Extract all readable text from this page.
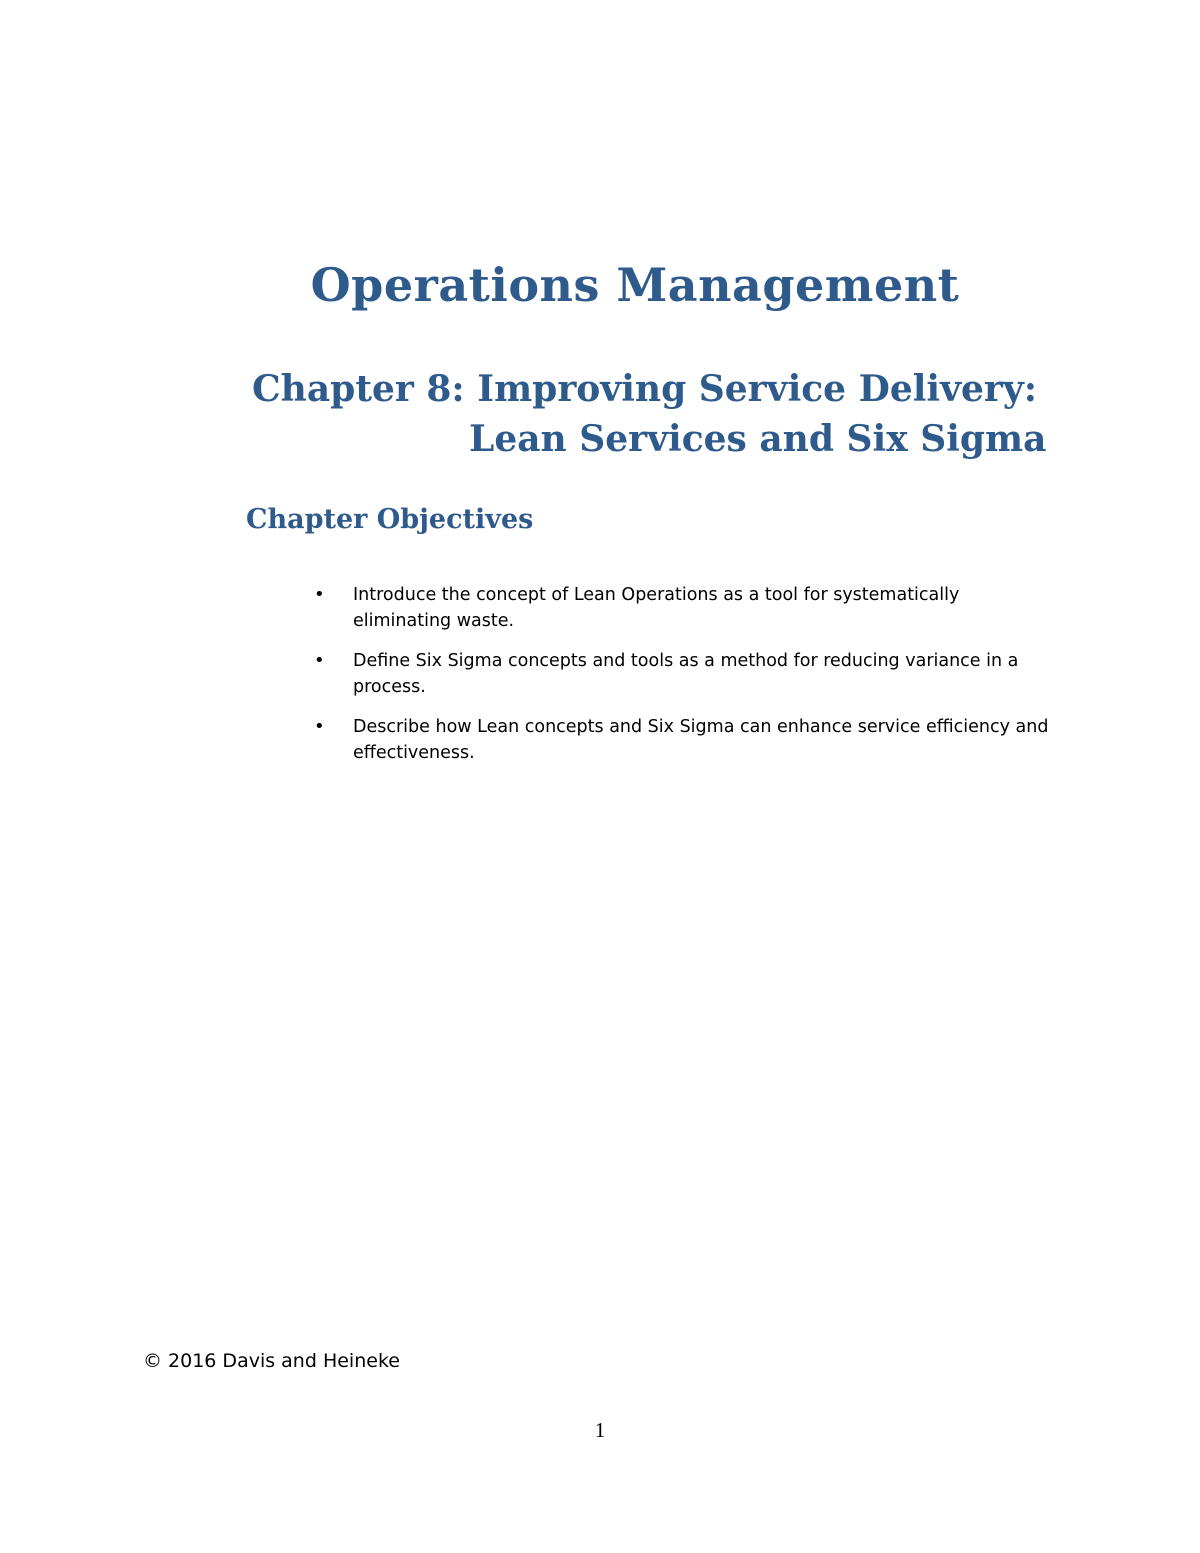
Operations Management
Chapter 8: Improving Service Delivery:
Lean Services and Six Sigma
Chapter Objectives
• Introduce the concept of Lean Operations as a tool for systematically eliminating waste.
• Define Six Sigma concepts and tools as a method for reducing variance in a process.
• Describe how Lean concepts and Six Sigma can enhance service efficiency and effectiveness.
© 2016 Davis and Heineke
1
